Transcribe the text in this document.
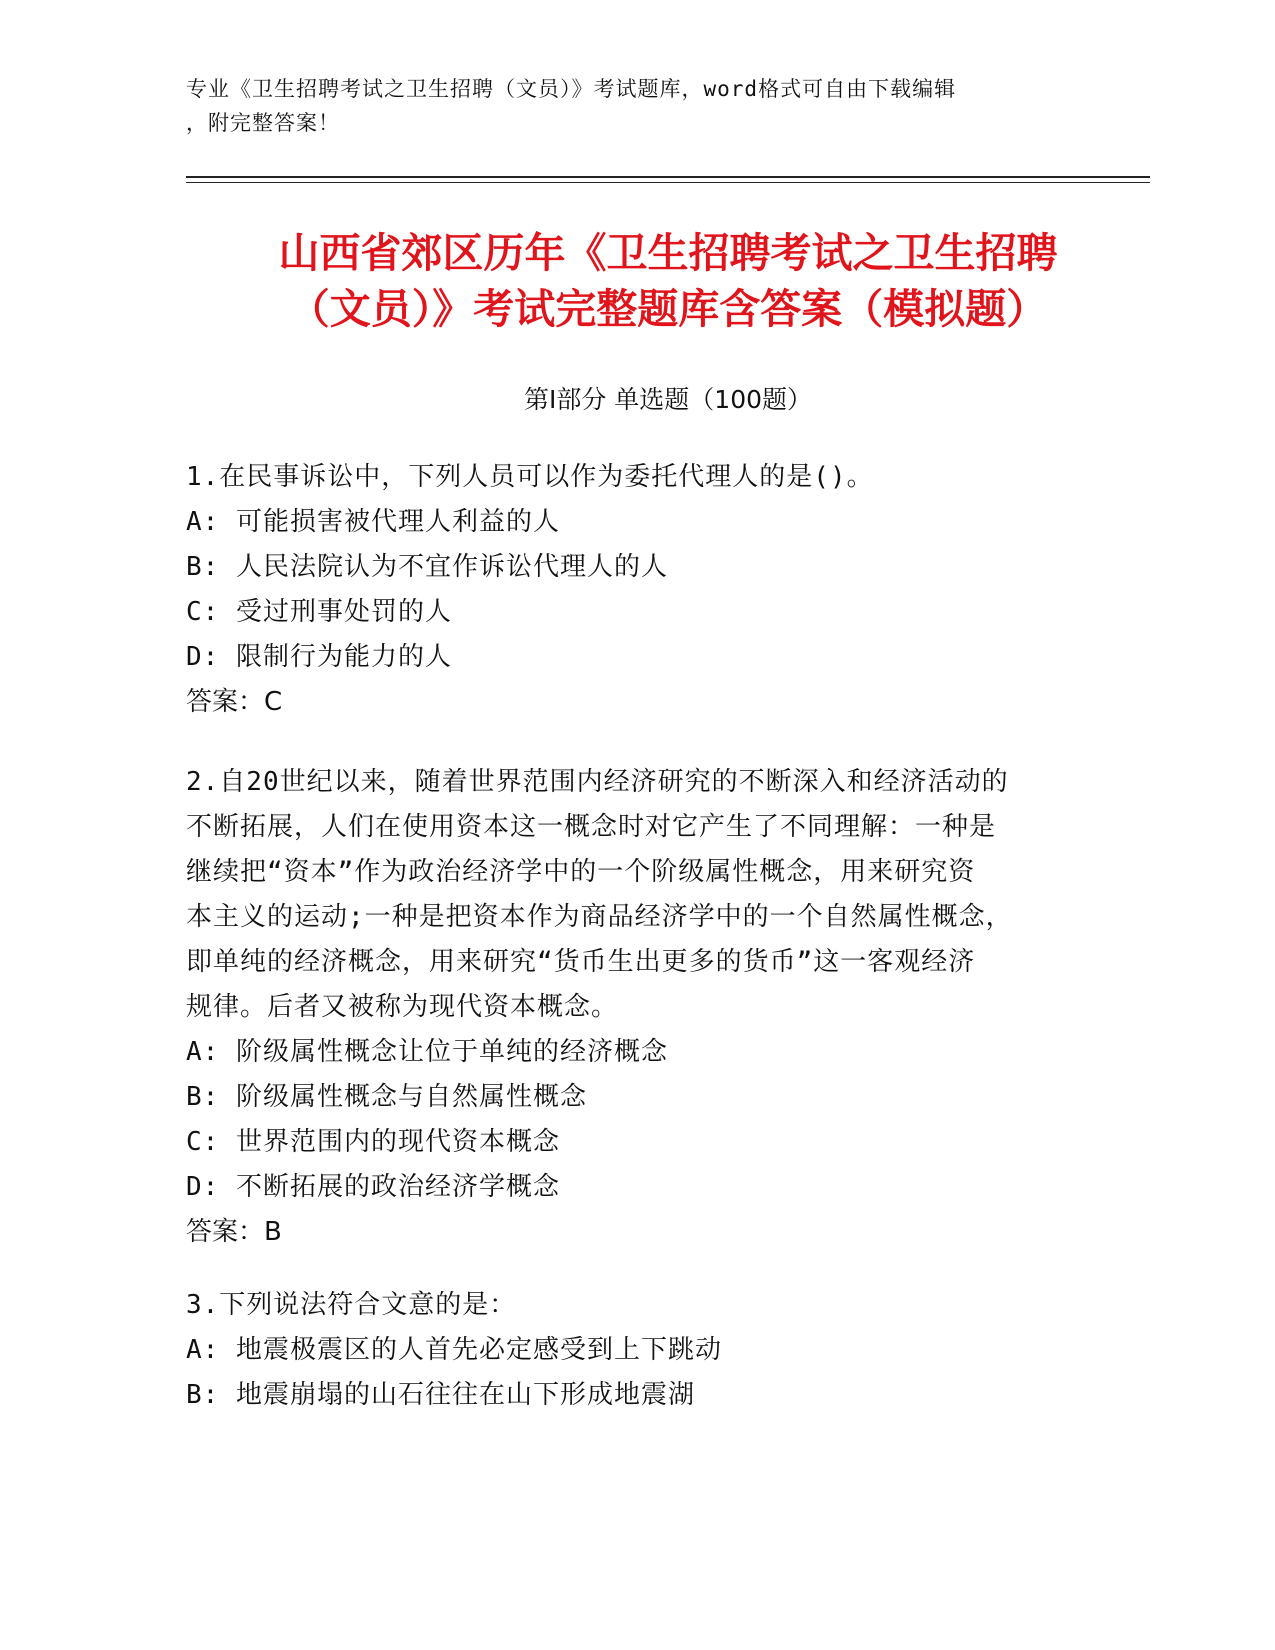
专业《卫生招聘考试之卫生招聘（文员）》考试题库，word格式可自由下载编辑
，附完整答案！
山西省郊区历年《卫生招聘考试之卫生招聘
（文员）》考试完整题库含答案（模拟题）
第Ⅰ部分 单选题（100题）
1.在民事诉讼中，下列人员可以作为委托代理人的是()。
A: 可能损害被代理人利益的人
B: 人民法院认为不宜作诉讼代理人的人
C: 受过刑事处罚的人
D: 限制行为能力的人
答案：C
2.自20世纪以来，随着世界范围内经济研究的不断深入和经济活动的
不断拓展，人们在使用资本这一概念时对它产生了不同理解：一种是
继续把“资本”作为政治经济学中的一个阶级属性概念，用来研究资
本主义的运动;一种是把资本作为商品经济学中的一个自然属性概念，
即单纯的经济概念，用来研究“货币生出更多的货币”这一客观经济
规律。后者又被称为现代资本概念。
A: 阶级属性概念让位于单纯的经济概念
B: 阶级属性概念与自然属性概念
C: 世界范围内的现代资本概念
D: 不断拓展的政治经济学概念
答案：B
3.下列说法符合文意的是：
A: 地震极震区的人首先必定感受到上下跳动
B: 地震崩塌的山石往往在山下形成地震湖
